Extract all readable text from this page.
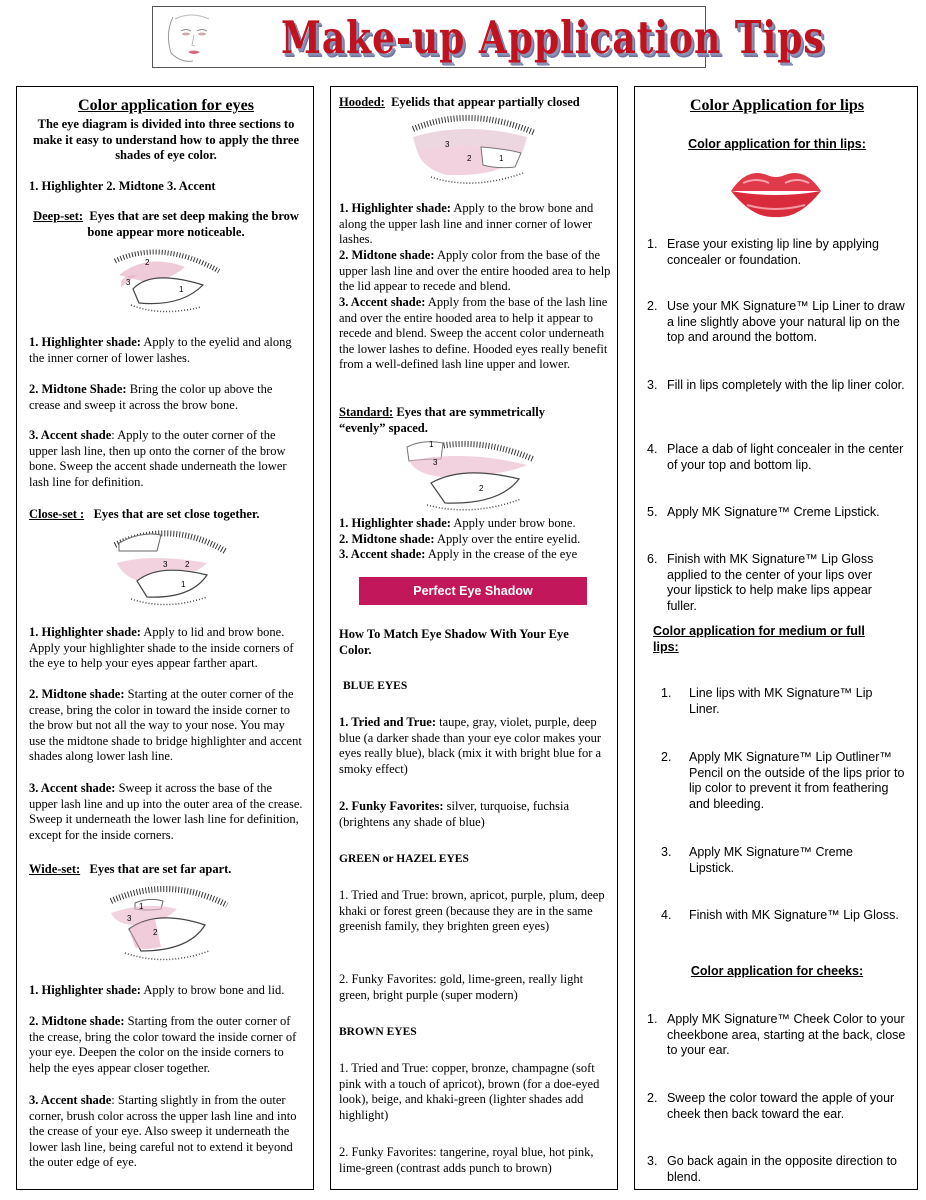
Make-up Application Tips
Color application for eyes

The eye diagram is divided into three sections to make it easy to understand how to apply the three shades of eye color.

1. Highlighter 2. Midtone 3. Accent

Deep-set: Eyes that are set deep making the brow bone appear more noticeable.

2
3
1

1. Highlighter shade: Apply to the eyelid and along the inner corner of lower lashes.

2. Midtone Shade: Bring the color up above the crease and sweep it across the brow bone.

3. Accent shade: Apply to the outer corner of the upper lash line, then up onto the corner of the brow bone. Sweep the accent shade underneath the lower lash line for definition.

Close-set : Eyes that are set close together.

3 2
1

1. Highlighter shade: Apply to lid and brow bone. Apply your highlighter shade to the inside corners of the eye to help your eyes appear farther apart.

2. Midtone shade: Starting at the outer corner of the crease, bring the color in toward the inside corner to the brow but not all the way to your nose. You may use the midtone shade to bridge highlighter and accent shades along lower lash line.

3. Accent shade: Sweep it across the base of the upper lash line and up into the outer area of the crease. Sweep it underneath the lower lash line for definition, except for the inside corners.

Wide-set: Eyes that are set far apart.

1
3
2

1. Highlighter shade: Apply to brow bone and lid.

2. Midtone shade: Starting from the outer corner of the crease, bring the color toward the inside corner of your eye. Deepen the color on the inside corners to help the eyes appear closer together.

3. Accent shade: Starting slightly in from the outer corner, brush color across the upper lash line and into the crease of your eye. Also sweep it underneath the lower lash line, being careful not to extend it beyond the outer edge of eye.

Hooded: Eyelids that appear partially closed

3
2	1

1. Highlighter shade: Apply to the brow bone and along the upper lash line and inner corner of lower lashes.

2. Midtone shade: Apply color from the base of the upper lash line and over the entire hooded area to help the lid appear to recede and blend.

3. Accent shade: Apply from the base of the lash line and over the entire hooded area to help it appear to recede and blend. Sweep the accent color underneath the lower lashes to define. Hooded eyes really benefit from a well-defined lash line upper and lower.

Standard: Eyes that are symmetrically “evenly” spaced.

1
3
2

1. Highlighter shade: Apply under brow bone.

2. Midtone shade: Apply over the entire eyelid.

3. Accent shade: Apply in the crease of the eye

Perfect Eye Shadow

How To Match Eye Shadow With Your Eye Color.

BLUE EYES

1. Tried and True: taupe, gray, violet, purple, deep blue (a darker shade than your eye color makes your eyes really blue), black (mix it with bright blue for a smoky effect)

2. Funky Favorites: silver, turquoise, fuchsia (brightens any shade of blue)

GREEN or HAZEL EYES

1. Tried and True: brown, apricot, purple, plum, deep khaki or forest green (because they are in the same greenish family, they brighten green eyes)

2. Funky Favorites: gold, lime-green, really light green, bright purple (super modern)

BROWN EYES

1. Tried and True: copper, bronze, champagne (soft pink with a touch of apricot), brown (for a doe-eyed look), beige, and khaki-green (lighter shades add highlight)

2. Funky Favorites: tangerine, royal blue, hot pink, lime-green (contrast adds punch to brown)

Color Application for lips

Color application for thin lips:

1. Erase your existing lip line by applying concealer or foundation.

2. Use your MK Signature™ Lip Liner to draw a line slightly above your natural lip on the top and around the bottom.

3. Fill in lips completely with the lip liner color.

4. Place a dab of light concealer in the center of your top and bottom lip.

5. Apply MK Signature™ Creme Lipstick.

6. Finish with MK Signature™ Lip Gloss applied to the center of your lips over your lipstick to help make lips appear fuller.

Color application for medium or full lips:

1. Line lips with MK Signature™ Lip Liner.

2. Apply MK Signature™ Lip Outliner™ Pencil on the outside of the lips prior to lip color to prevent it from feathering and bleeding.

3. Apply MK Signature™ Creme Lipstick.

4. Finish with MK Signature™ Lip Gloss.

Color application for cheeks:

1. Apply MK Signature™ Cheek Color to your cheekbone area, starting at the back, close to your ear.

2. Sweep the color toward the apple of your cheek then back toward the ear.

3. Go back again in the opposite direction to blend.
